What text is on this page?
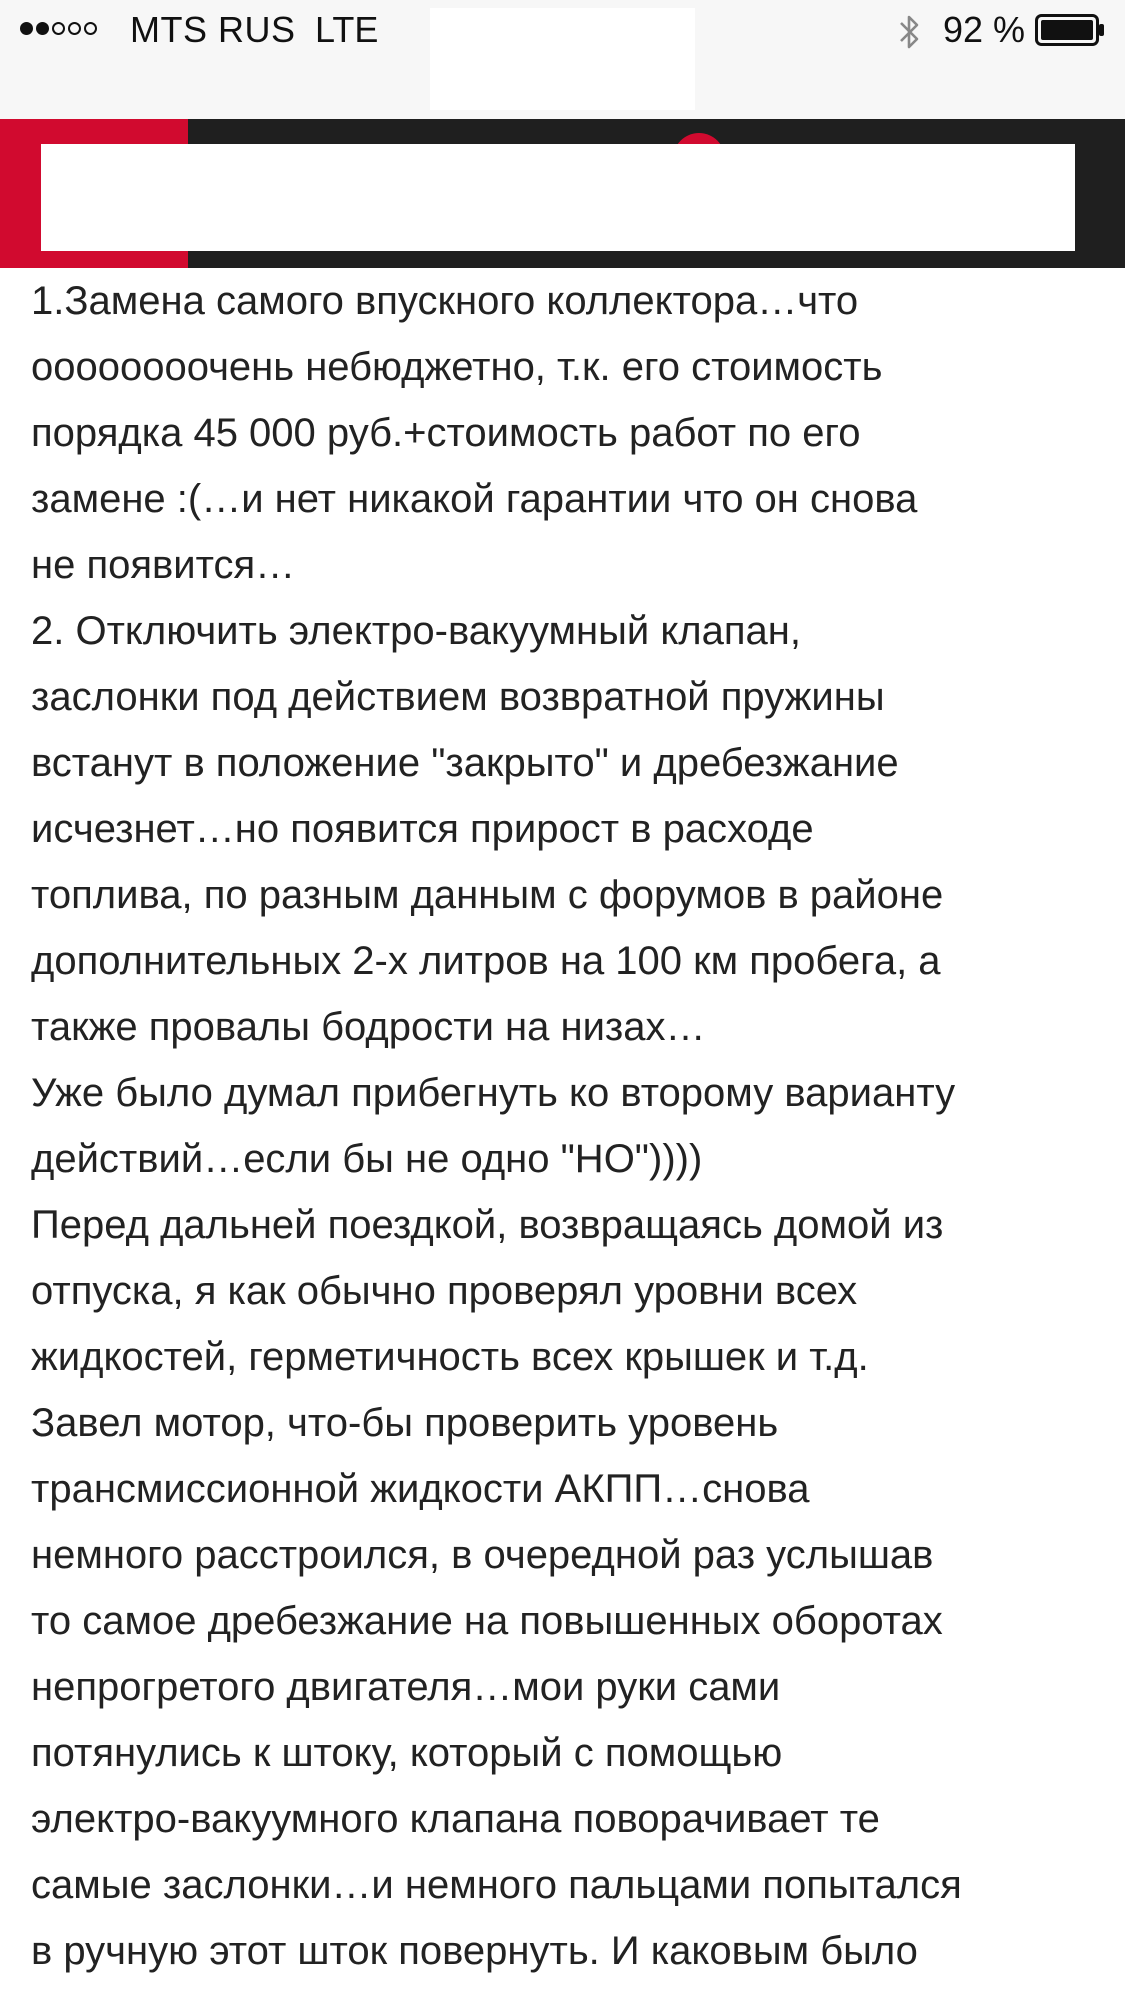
MTS RUS LTE	92 %

1.Замена самого впускного коллектора…что

оооооооочень небюджетно, т.к. его стоимость

порядка 45 000 руб.+стоимость работ по его

замене :(…и нет никакой гарантии что он снова

не появится…

2. Отключить электро-вакуумный клапан,

заслонки под действием возвратной пружины

встанут в положение "закрыто" и дребезжание

исчезнет…но появится прирост в расходе

топлива, по разным данным с форумов в районе

дополнительных 2-х литров на 100 км пробега, а

также провалы бодрости на низах…

Уже было думал прибегнуть ко второму варианту

действий…если бы не одно "НО"))))

Перед дальней поездкой, возвращаясь домой из

отпуска, я как обычно проверял уровни всех

жидкостей, герметичность всех крышек и т.д.

Завел мотор, что-бы проверить уровень

трансмиссионной жидкости АКПП…снова

немного расстроился, в очередной раз услышав

то самое дребезжание на повышенных оборотах

непрогретого двигателя…мои руки сами

потянулись к штоку, который с помощью

электро-вакуумного клапана поворачивает те

самые заслонки…и немного пальцами попытался

в ручную этот шток повернуть. И каковым было
